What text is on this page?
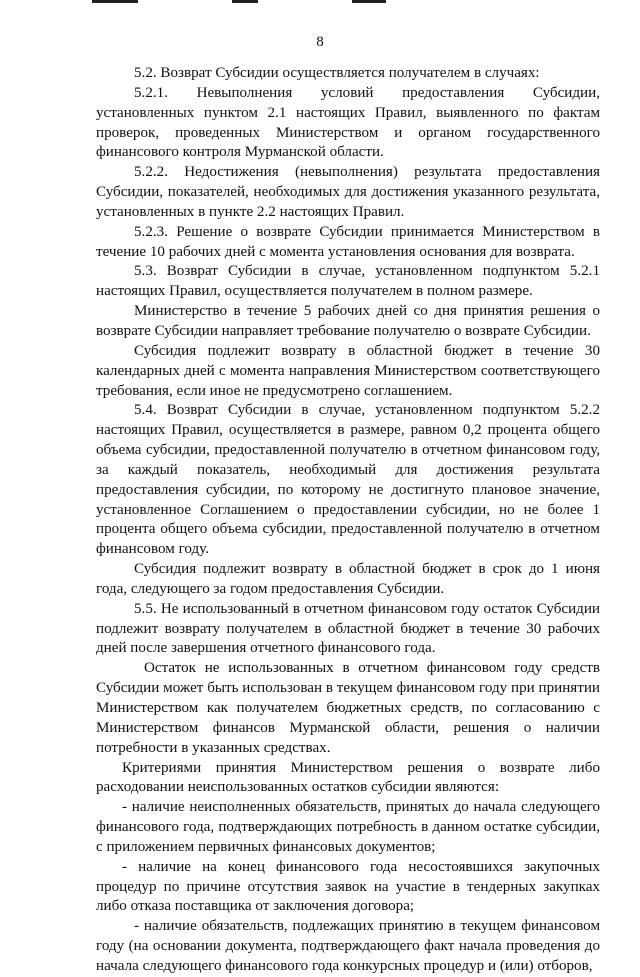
8

5.2. Возврат Субсидии осуществляется получателем в случаях:

5.2.1. Невыполнения условий предоставления Субсидии, установленных пунктом 2.1 настоящих Правил, выявленного по фактам проверок, проведенных Министерством и органом государственного финансового контроля Мурманской области.

5.2.2. Недостижения (невыполнения) результата предоставления Субсидии, показателей, необходимых для достижения указанного результата, установленных в пункте 2.2 настоящих Правил.

5.2.3. Решение о возврате Субсидии принимается Министерством в течение 10 рабочих дней с момента установления основания для возврата.

5.3. Возврат Субсидии в случае, установленном подпунктом 5.2.1 настоящих Правил, осуществляется получателем в полном размере.

Министерство в течение 5 рабочих дней со дня принятия решения о возврате Субсидии направляет требование получателю о возврате Субсидии.

Субсидия подлежит возврату в областной бюджет в течение 30 календарных дней с момента направления Министерством соответствующего требования, если иное не предусмотрено соглашением.

5.4. Возврат Субсидии в случае, установленном подпунктом 5.2.2 настоящих Правил, осуществляется в размере, равном 0,2 процента общего объема субсидии, предоставленной получателю в отчетном финансовом году, за каждый показатель, необходимый для достижения результата предоставления субсидии, по которому не достигнуто плановое значение, установленное Соглашением о предоставлении субсидии, но не более 1 процента общего объема субсидии, предоставленной получателю в отчетном финансовом году.

Субсидия подлежит возврату в областной бюджет в срок до 1 июня года, следующего за годом предоставления Субсидии.

5.5. Не использованный в отчетном финансовом году остаток Субсидии подлежит возврату получателем в областной бюджет в течение 30 рабочих дней после завершения отчетного финансового года.

Остаток не использованных в отчетном финансовом году средств Субсидии может быть использован в текущем финансовом году при принятии Министерством как получателем бюджетных средств, по согласованию с Министерством финансов Мурманской области, решения о наличии потребности в указанных средствах.

Критериями принятия Министерством решения о возврате либо расходовании неиспользованных остатков субсидии являются:

- наличие неисполненных обязательств, принятых до начала следующего финансового года, подтверждающих потребность в данном остатке субсидии, с приложением первичных финансовых документов;

- наличие на конец финансового года несостоявшихся закупочных процедур по причине отсутствия заявок на участие в тендерных закупках либо отказа поставщика от заключения договора;

- наличие обязательств, подлежащих принятию в текущем финансовом году (на основании документа, подтверждающего факт начала проведения до начала следующего финансового года конкурсных процедур и (или) отборов,
